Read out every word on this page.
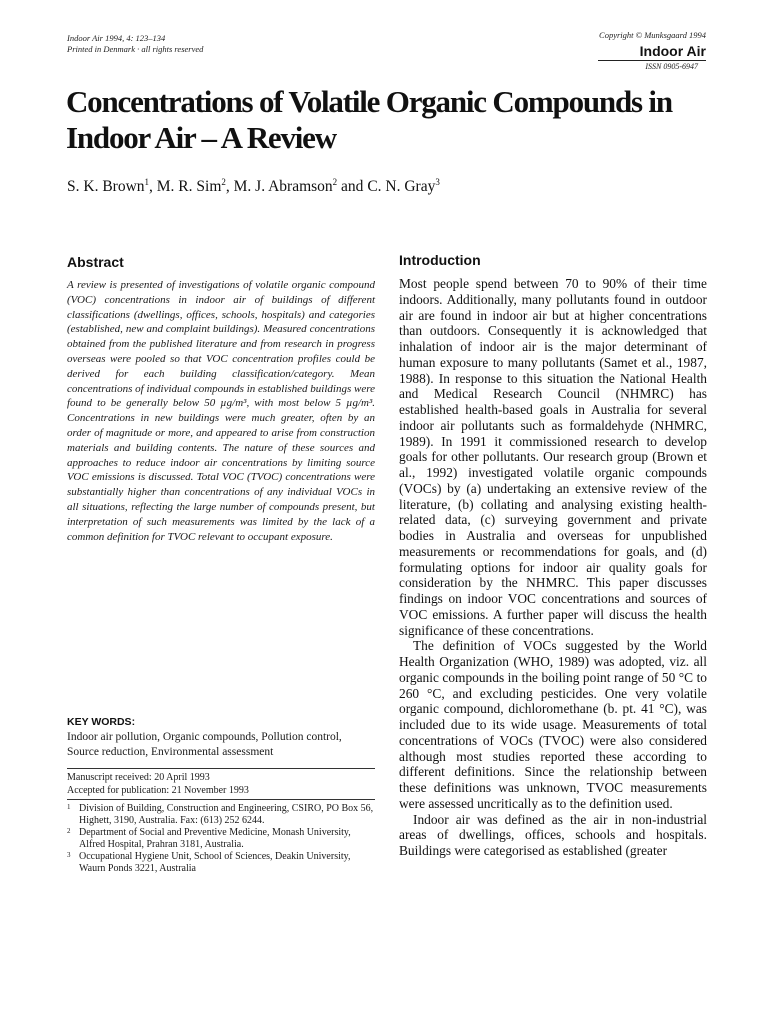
Indoor Air 1994, 4: 123–134
Printed in Denmark · all rights reserved
Copyright © Munksgaard 1994
Indoor Air
ISSN 0905-6947
Concentrations of Volatile Organic Compounds in Indoor Air – A Review
S. K. Brown$^1$, M. R. Sim$^2$, M. J. Abramson$^2$ and C. N. Gray$^3$
Abstract

A review is presented of investigations of volatile organic compound (VOC) concentrations in indoor air of buildings of different classifications (dwellings, offices, schools, hospitals) and categories (established, new and complaint buildings). Measured concentrations obtained from the published literature and from research in progress overseas were pooled so that VOC concentration profiles could be derived for each building classification/category. Mean concentrations of individual compounds in established buildings were found to be generally below 50 µg/m³, with most below 5 µg/m³. Concentrations in new buildings were much greater, often by an order of magnitude or more, and appeared to arise from construction materials and building contents. The nature of these sources and approaches to reduce indoor air concentrations by limiting source VOC emissions is discussed. Total VOC (TVOC) concentrations were substantially higher than concentrations of any individual VOCs in all situations, reflecting the large number of compounds present, but interpretation of such measurements was limited by the lack of a common definition for TVOC relevant to occupant exposure.

KEY WORDS:
Indoor air pollution, Organic compounds, Pollution control, Source reduction, Environmental assessment
Manuscript received: 20 April 1993
Accepted for publication: 21 November 1993
1 Division of Building, Construction and Engineering, CSIRO, PO Box 56, Highett, 3190, Australia. Fax: (613) 252 6244.
2 Department of Social and Preventive Medicine, Monash University, Alfred Hospital, Prahran 3181, Australia.
3 Occupational Hygiene Unit, School of Sciences, Deakin University, Waurn Ponds 3221, Australia
Introduction

Most people spend between 70 to 90% of their time indoors. Additionally, many pollutants found in outdoor air are found in indoor air but at higher concentrations than outdoors. Consequently it is acknowledged that inhalation of indoor air is the major determinant of human exposure to many pollutants (Samet et al., 1987, 1988). In response to this situation the National Health and Medical Research Council (NHMRC) has established health-based goals in Australia for several indoor air pollutants such as formaldehyde (NHMRC, 1989). In 1991 it commissioned research to develop goals for other pollutants. Our research group (Brown et al., 1992) investigated volatile organic compounds (VOCs) by (a) undertaking an extensive review of the literature, (b) collating and analysing existing health-related data, (c) surveying government and private bodies in Australia and overseas for unpublished measurements or recommendations for goals, and (d) formulating options for indoor air quality goals for consideration by the NHMRC. This paper discusses findings on indoor VOC concentrations and sources of VOC emissions. A further paper will discuss the health significance of these concentrations.

The definition of VOCs suggested by the World Health Organization (WHO, 1989) was adopted, viz. all organic compounds in the boiling point range of 50 °C to 260 °C, and excluding pesticides. One very volatile organic compound, dichloromethane (b. pt. 41 °C), was included due to its wide usage. Measurements of total concentrations of VOCs (TVOC) were also considered although most studies reported these according to different definitions. Since the relationship between these definitions was unknown, TVOC measurements were assessed uncritically as to the definition used.

Indoor air was defined as the air in non-industrial areas of dwellings, offices, schools and hospitals. Buildings were categorised as established (greater
